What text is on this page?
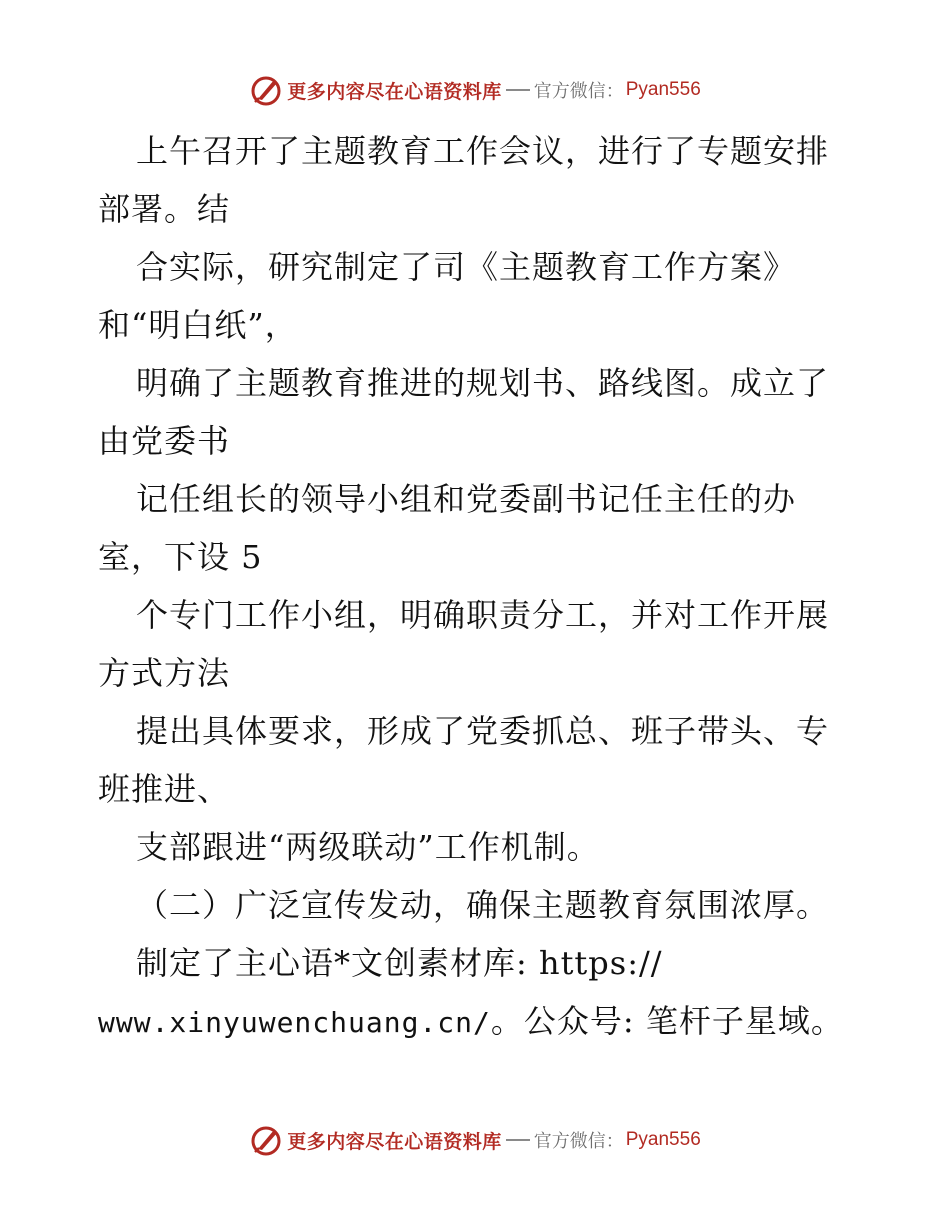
更多内容尽在心语资料库 官方微信： Pyan556
上午召开了主题教育工作会议，进行了专题安排
部署。结
合实际，研究制定了司《主题教育工作方案》
和“明白纸”，
明确了主题教育推进的规划书、路线图。成立了
由党委书
记任组长的领导小组和党委副书记任主任的办
室，下设 5
个专门工作小组，明确职责分工，并对工作开展
方式方法
提出具体要求，形成了党委抓总、班子带头、专
班推进、
支部跟进“两级联动”工作机制。
（二）广泛宣传发动，确保主题教育氛围浓厚。
制定了主心语*文创素材库: https://
www.xinyuwenchuang.cn/。公众号: 笔杆子星域。
更多内容尽在心语资料库 官方微信： Pyan556
